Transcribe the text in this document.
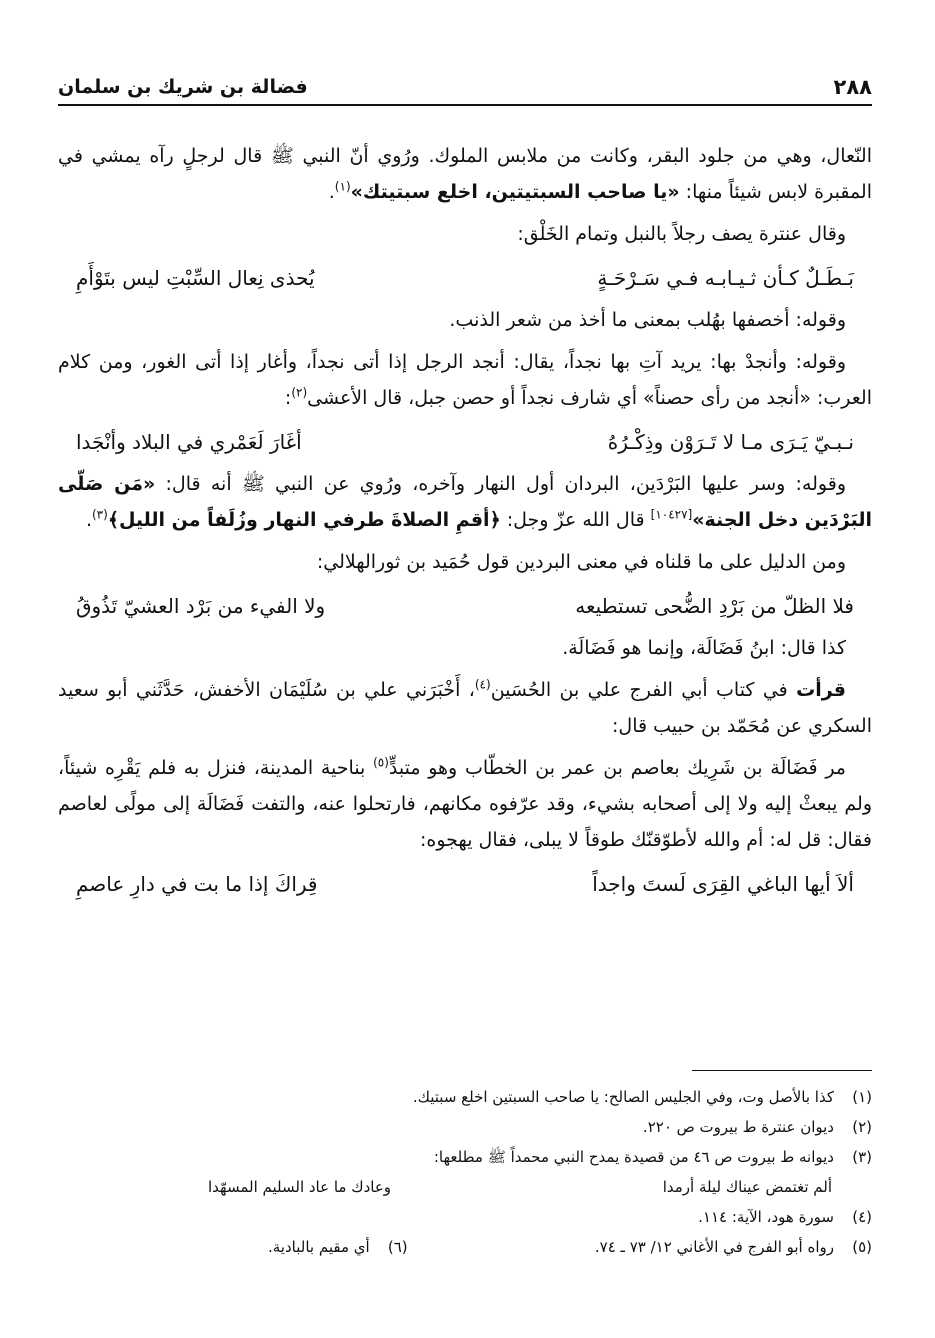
٢٨٨
فضالة بن شريك بن سلمان

النّعال، وهي من جلود البقر، وكانت من ملابس الملوك. ورُوي أنّ النبي ﷺ قال لرجلٍ رآه يمشي في المقبرة لابس شيئاً منها: «يا صاحب السبتيتين، اخلع سبتيتك»$^{(١)}$.

وقال عنترة يصف رجلاً بالنبل وتمام الخَلْق:

بَـطَـلٌ كـأن ثـيـابـه فـي سَـرْحَـةٍ
يُحذى نِعال السِّبْتِ ليس بتَوْأَمِ

وقوله: أخصفها بهُلب بمعنى ما أخذ من شعر الذنب.

وقوله: وأنجدْ بها: يريد آتِ بها نجداً، يقال: أنجد الرجل إذا أتى نجداً، وأغار إذا أتى الغور، ومن كلام العرب: «أنجد من رأى حصناً» أي شارف نجداً أو حصن جبل، قال الأعشى$^{(٢)}$:

نـبـيّ يَـرَى مـا لا تَـرَوْن وذِكْـرُهُ
أغَارَ لَعَمْري في البلاد وأنْجَدا

وقوله: وسر عليها البَرْدَين، البردان أول النهار وآخره، ورُوي عن النبي ﷺ أنه قال: «مَن صَلّى البَرْدَين دخل الجنة»[١٠٤٢٧] قال الله عزّ وجل: ﴿أقمِ الصلاةَ طرفي النهار وزُلَفاً من الليل﴾$^{(٣)}$.

ومن الدليل على ما قلناه في معنى البردين قول حُمَيد بن ثورالهلالي:

فلا الظلّ من بَرْدِ الضُّحى تستطيعه
ولا الفيء من بَرْد العشيّ تَذُوقُ

كذا قال: ابنُ فَضَالَة، وإنما هو فَضَالَة.

قرأت في كتاب أبي الفرج علي بن الحُسَين$^{(٤)}$، أَخْبَرَني علي بن سُلَيْمَان الأخفش، حَدَّثَني أبو سعيد السكري عن مُحَمّد بن حبيب قال:

مر فَضَالَة بن شَرِيك بعاصم بن عمر بن الخطّاب وهو متبدٍّ$^{(٥)}$ بناحية المدينة، فنزل به فلم يَقْرِه شيئاً، ولم يبعثْ إليه ولا إلى أصحابه بشيء، وقد عرّفوه مكانهم، فارتحلوا عنه، والتفت فَضَالَة إلى مولًى لعاصم فقال: قل له: أم والله لأطوّقنّك طوقاً لا يبلى، فقال يهجوه:

ألاَ أيها الباغي القِرَى لَستَ واجداً
قِراكَ إذا ما بت في دارِ عاصمِ
(١)
كذا بالأصل وت، وفي الجليس الصالح: يا صاحب السبتين اخلع سبتيك.
(٢)
ديوان عنترة ط بيروت ص ٢٢٠.
(٣)
ديوانه ط بيروت ص ٤٦ من قصيدة يمدح النبي محمداً ﷺ مطلعها:
ألم تغتمض عيناك ليلة أرمدا
وعادك ما عاد السليم المسهّدا
(٤)
سورة هود، الآية: ١١٤.
(٥)
رواه أبو الفرج في الأغاني ١٢/ ٧٣ ـ ٧٤.
(٦)
أي مقيم بالبادية.
